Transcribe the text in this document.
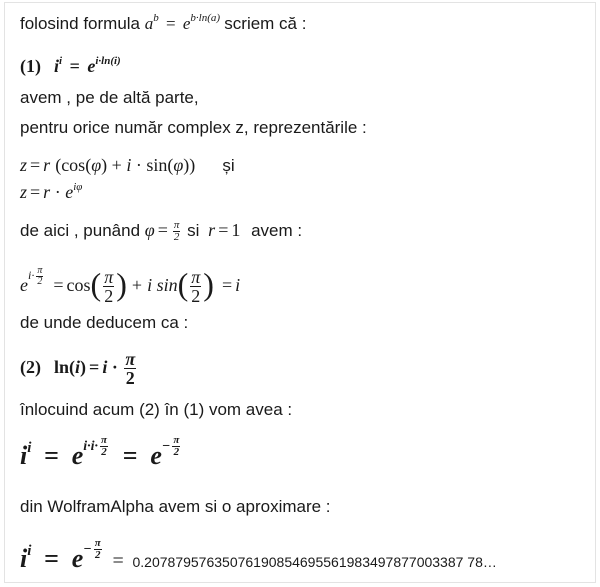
folosind formula $a^b = e^{b\cdot ln(a)}$ scriem că :
(1) $i^i = e^{i\cdot ln(i)}$
avem , pe de altă parte,
pentru orice număr complex z, reprezentările :
z = r (cos(φ) + i · sin(φ)) și
$z = r \cdot e^{i\varphi}$
de aici , punând $\varphi = \frac{\pi}{2}$ si r = 1 avem :
$ei\cdot \frac{\pi}{2} = \cos( \frac{\pi}{2}$ ) + i $\sin( \frac{\pi}{2}$ ) = i
de unde deducem ca :
(2) $\ln(i) = i \cdot \frac{\pi}{2}$
înlocuind acum (2) în (1) vom avea :
$i^i = ei\cdot i\cdot \frac{\pi}{2} = e- \frac{\pi}{2}$
din WolframAlpha avem si o aproximare :
$i^i = e- \frac{\pi}{2} = 0.20787957635076190854695561983497877003387$ 78…
